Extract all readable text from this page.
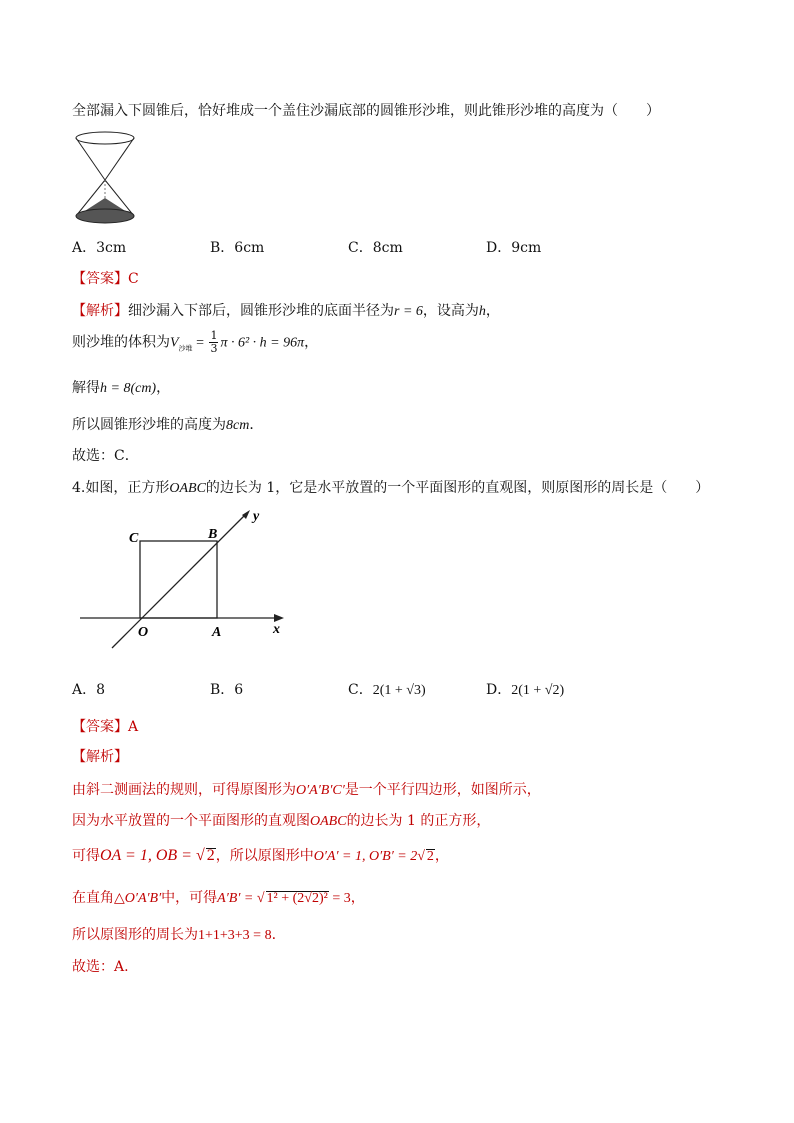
全部漏入下圆锥后，恰好堆成一个盖住沙漏底部的圆锥形沙堆，则此锥形沙堆的高度为（　　）
A．3cm	B．6cm	C．8cm	D．9cm
【答案】C
【解析】细沙漏入下部后，圆锥形沙堆的底面半径为r = 6，设高为h，
则沙堆的体积为$V_{沙堆} = \frac{1}{3}$ π · 6² · h = 96π，
解得h = 8(cm)，
所以圆锥形沙堆的高度为8cm．
故选：C．
4.如图，正方形OABC的边长为 1，它是水平放置的一个平面图形的直观图，则原图形的周长是（　　）
C	B
O	A	x
y
A．8	B．6	C．2(1 + √3)	D．2(1 + √2)
【答案】A
【解析】
由斜二测画法的规则，可得原图形为O′A′B′C′是一个平行四边形，如图所示，
因为水平放置的一个平面图形的直观图OABC的边长为 1 的正方形，
可得OA = 1, OB = √ 2，所以原图形中O′A′ = 1, O′B′ = 2√ 2，
在直角△O′A′B′中，可得A′B′ = √ 1² + (2√2)² = 3，
所以原图形的周长为1+1+3+3 = 8.
故选：A.
